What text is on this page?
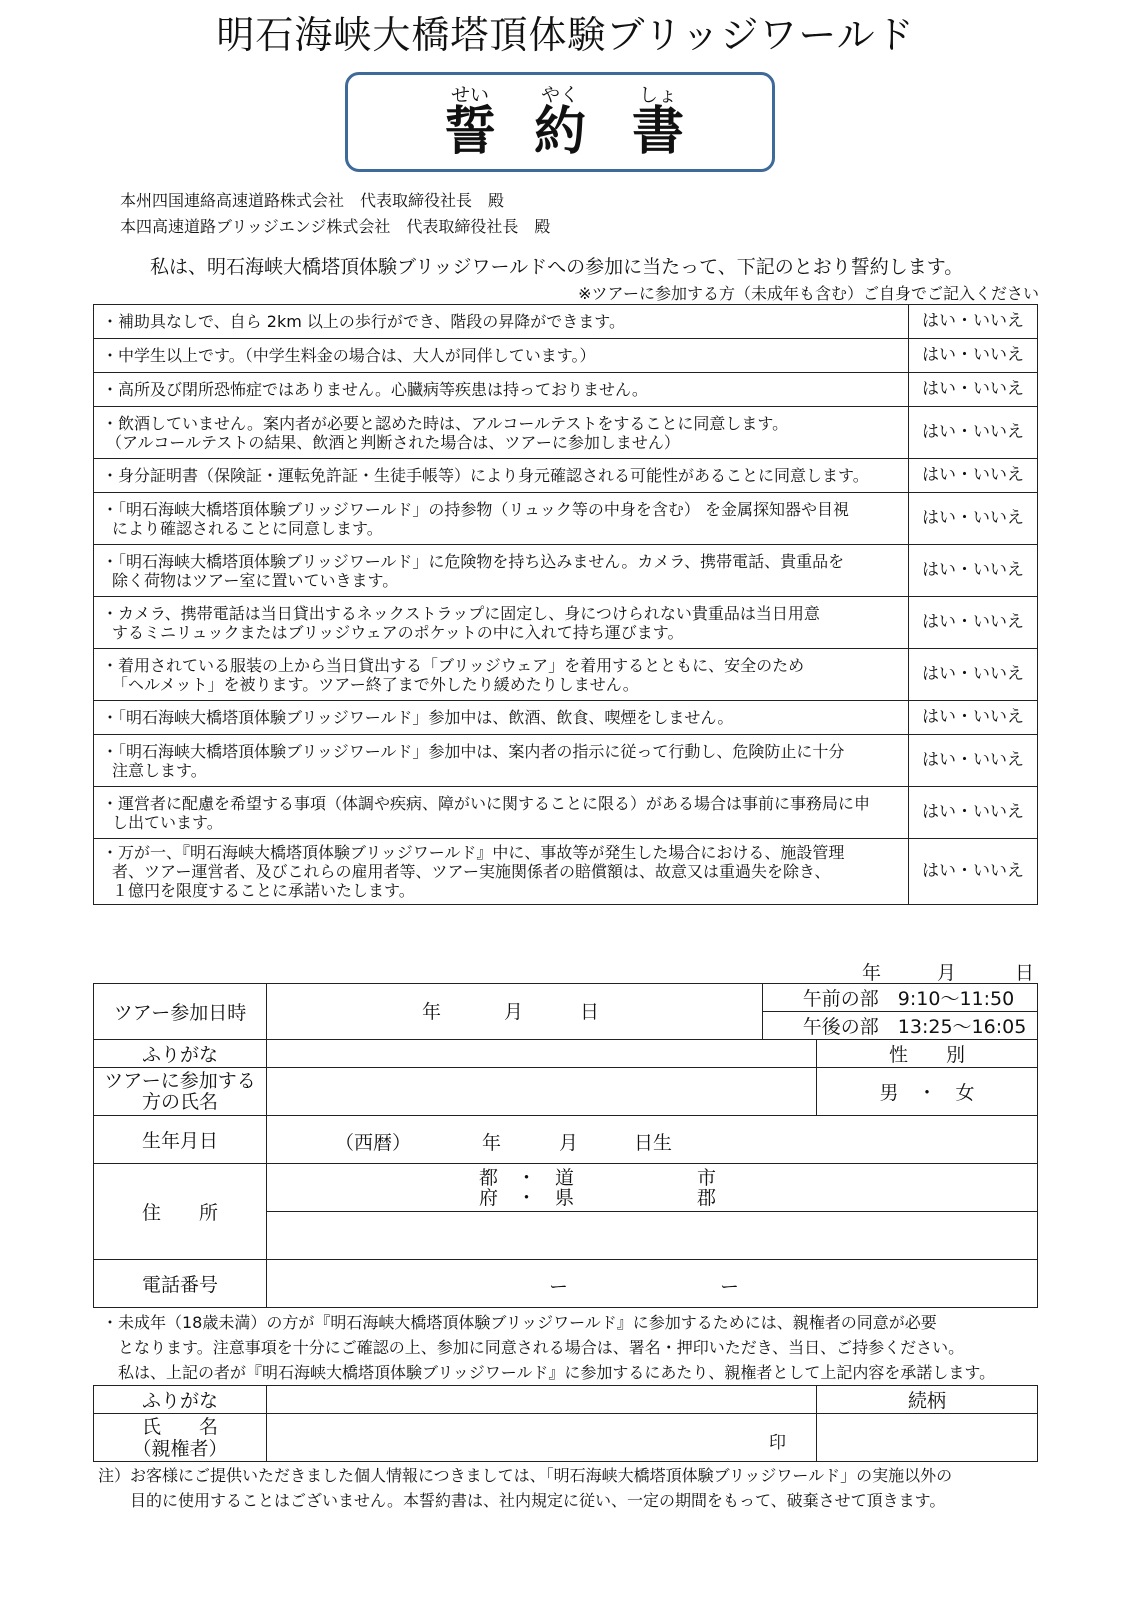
明石海峡大橋塔頂体験ブリッジワールド
せい	やく	しょ
誓 約 書
本州四国連絡高速道路株式会社　代表取締役社長　殿
本四高速道路ブリッジエンジ株式会社　代表取締役社長　殿
私は、明石海峡大橋塔頂体験ブリッジワールドへの参加に当たって、下記のとおり誓約します。
※ツアーに参加する方（未成年も含む）ご自身でご記入ください
・補助具なしで、自ら 2km 以上の歩行ができ、階段の昇降ができます。	はい・いいえ

・中学生以上です。（中学生料金の場合は、大人が同伴しています。）	はい・いいえ

・高所及び閉所恐怖症ではありません。心臓病等疾患は持っておりません。	はい・いいえ

・飲酒していません。案内者が必要と認めた時は、アルコールテストをすることに同意します。
（アルコールテストの結果、飲酒と判断された場合は、ツアーに参加しません）	はい・いいえ

・身分証明書（保険証・運転免許証・生徒手帳等）により身元確認される可能性があることに同意します。	はい・いいえ

・「明石海峡大橋塔頂体験ブリッジワールド」の持参物（リュック等の中身を含む） を金属探知器や目視
により確認されることに同意します。	はい・いいえ

・「明石海峡大橋塔頂体験ブリッジワールド」に危険物を持ち込みません。カメラ、携帯電話、貴重品を
除く荷物はツアー室に置いていきます。	はい・いいえ

・カメラ、携帯電話は当日貸出するネックストラップに固定し、身につけられない貴重品は当日用意
するミニリュックまたはブリッジウェアのポケットの中に入れて持ち運びます。	はい・いいえ

・着用されている服装の上から当日貸出する「ブリッジウェア」を着用するとともに、安全のため
「ヘルメット」を被ります。ツアー終了まで外したり緩めたりしません。	はい・いいえ

・「明石海峡大橋塔頂体験ブリッジワールド」参加中は、飲酒、飲食、喫煙をしません。	はい・いいえ

・「明石海峡大橋塔頂体験ブリッジワールド」参加中は、案内者の指示に従って行動し、危険防止に十分
注意します。	はい・いいえ

・運営者に配慮を希望する事項（体調や疾病、障がいに関することに限る）がある場合は事前に事務局に申
し出ています。	はい・いいえ

・万が一、『明石海峡大橋塔頂体験ブリッジワールド』中に、事故等が発生した場合における、施設管理
者、ツアー運営者、及びこれらの雇用者等、ツアー実施関係者の賠償額は、故意又は重過失を除き、
１億円を限度することに承諾いたします。	はい・いいえ
年	月	日
ツアー参加日時	年 月 日	午前の部　9:10〜11:50	
		午後の部　13:25〜16:05	
ふりがな			性　　別

ツアーに参加する
方の氏名			男　・　女
生年月日	（西暦） 年 月 日生		

住　　所	都　・　道
府　・　県
市
郡		

電話番号	ー ー		
・未成年（18歳未満）の方が『明石海峡大橋塔頂体験ブリッジワールド』に参加するためには、親権者の同意が必要
　となります。注意事項を十分にご確認の上、参加に同意される場合は、署名・押印いただき、当日、ご持参ください。
　私は、上記の者が『明石海峡大橋塔頂体験ブリッジワールド』に参加するにあたり、親権者として上記内容を承諾します。
ふりがな		続柄

氏　　名
（親権者）	印	

注）お客様にご提供いただきました個人情報につきましては、「明石海峡大橋塔頂体験ブリッジワールド」の実施以外の
　　目的に使用することはございません。本誓約書は、社内規定に従い、一定の期間をもって、破棄させて頂きます。
